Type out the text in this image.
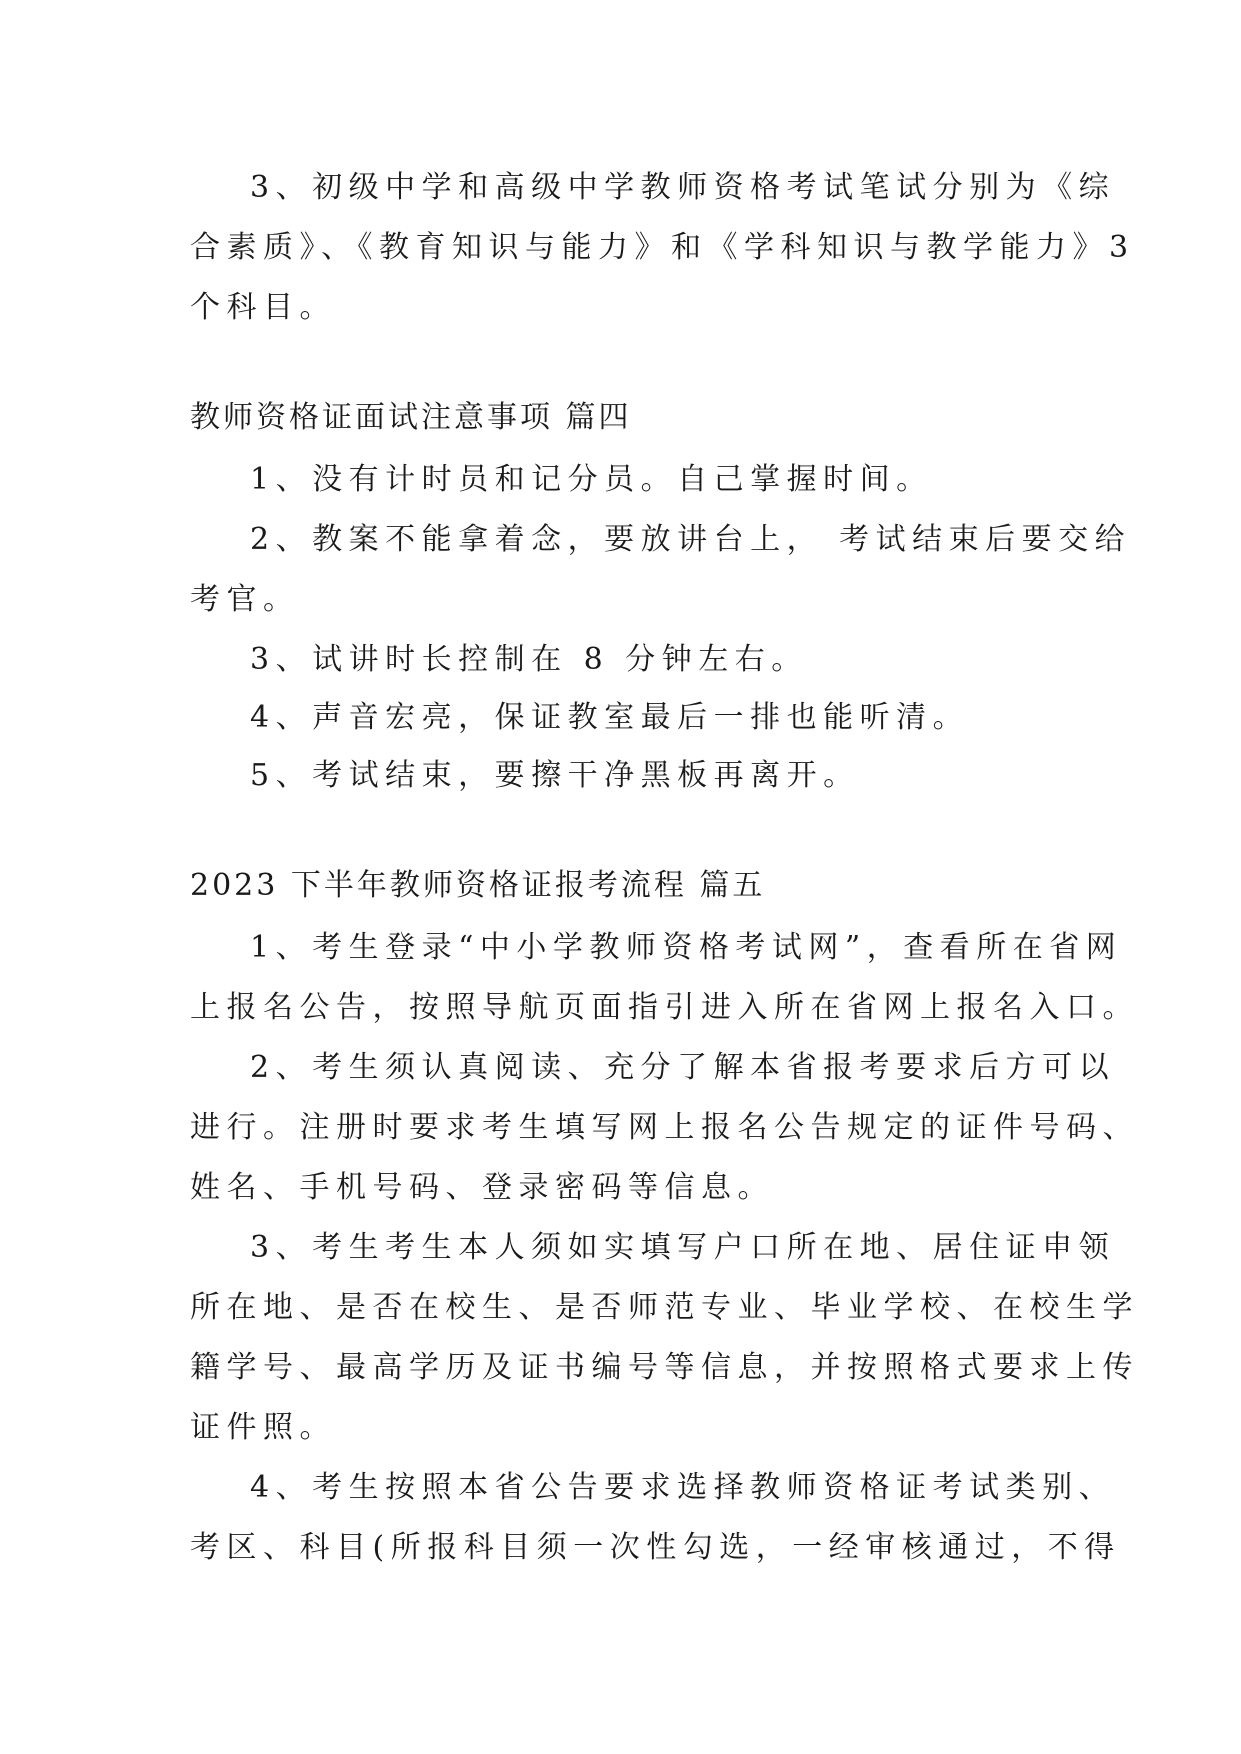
3、初级中学和高级中学教师资格考试笔试分别为《综
合素质》、《教育知识与能力》和《学科知识与教学能力》3
个科目。
教师资格证面试注意事项 篇四
1、没有计时员和记分员。自己掌握时间。
2、教案不能拿着念，要放讲台上， 考试结束后要交给
考官。
3、试讲时长控制在 8 分钟左右。
4、声音宏亮，保证教室最后一排也能听清。
5、考试结束，要擦干净黑板再离开。
2023 下半年教师资格证报考流程 篇五
1、考生登录“中小学教师资格考试网”，查看所在省网
上报名公告，按照导航页面指引进入所在省网上报名入口。
2、考生须认真阅读、充分了解本省报考要求后方可以
进行。注册时要求考生填写网上报名公告规定的证件号码、
姓名、手机号码、登录密码等信息。
3、考生考生本人须如实填写户口所在地、居住证申领
所在地、是否在校生、是否师范专业、毕业学校、在校生学
籍学号、最高学历及证书编号等信息，并按照格式要求上传
证件照。
4、考生按照本省公告要求选择教师资格证考试类别、
考区、科目(所报科目须一次性勾选，一经审核通过，不得
